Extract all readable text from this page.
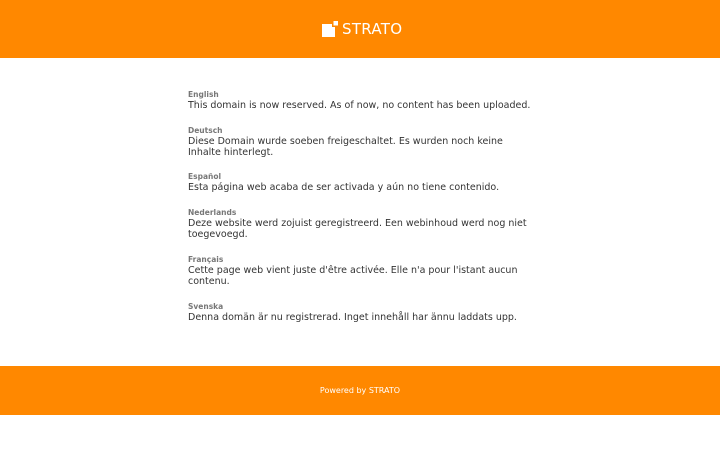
STRATO
English
This domain is now reserved. As of now, no content has been uploaded.
Deutsch
Diese Domain wurde soeben freigeschaltet. Es wurden noch keine Inhalte hinterlegt.
Español
Esta página web acaba de ser activada y aún no tiene contenido.
Nederlands
Deze website werd zojuist geregistreerd. Een webinhoud werd nog niet toegevoegd.
Français
Cette page web vient juste d'être activée. Elle n'a pour l'istant aucun contenu.
Svenska
Denna domän är nu registrerad. Inget innehåll har ännu laddats upp.
Powered by STRATO
